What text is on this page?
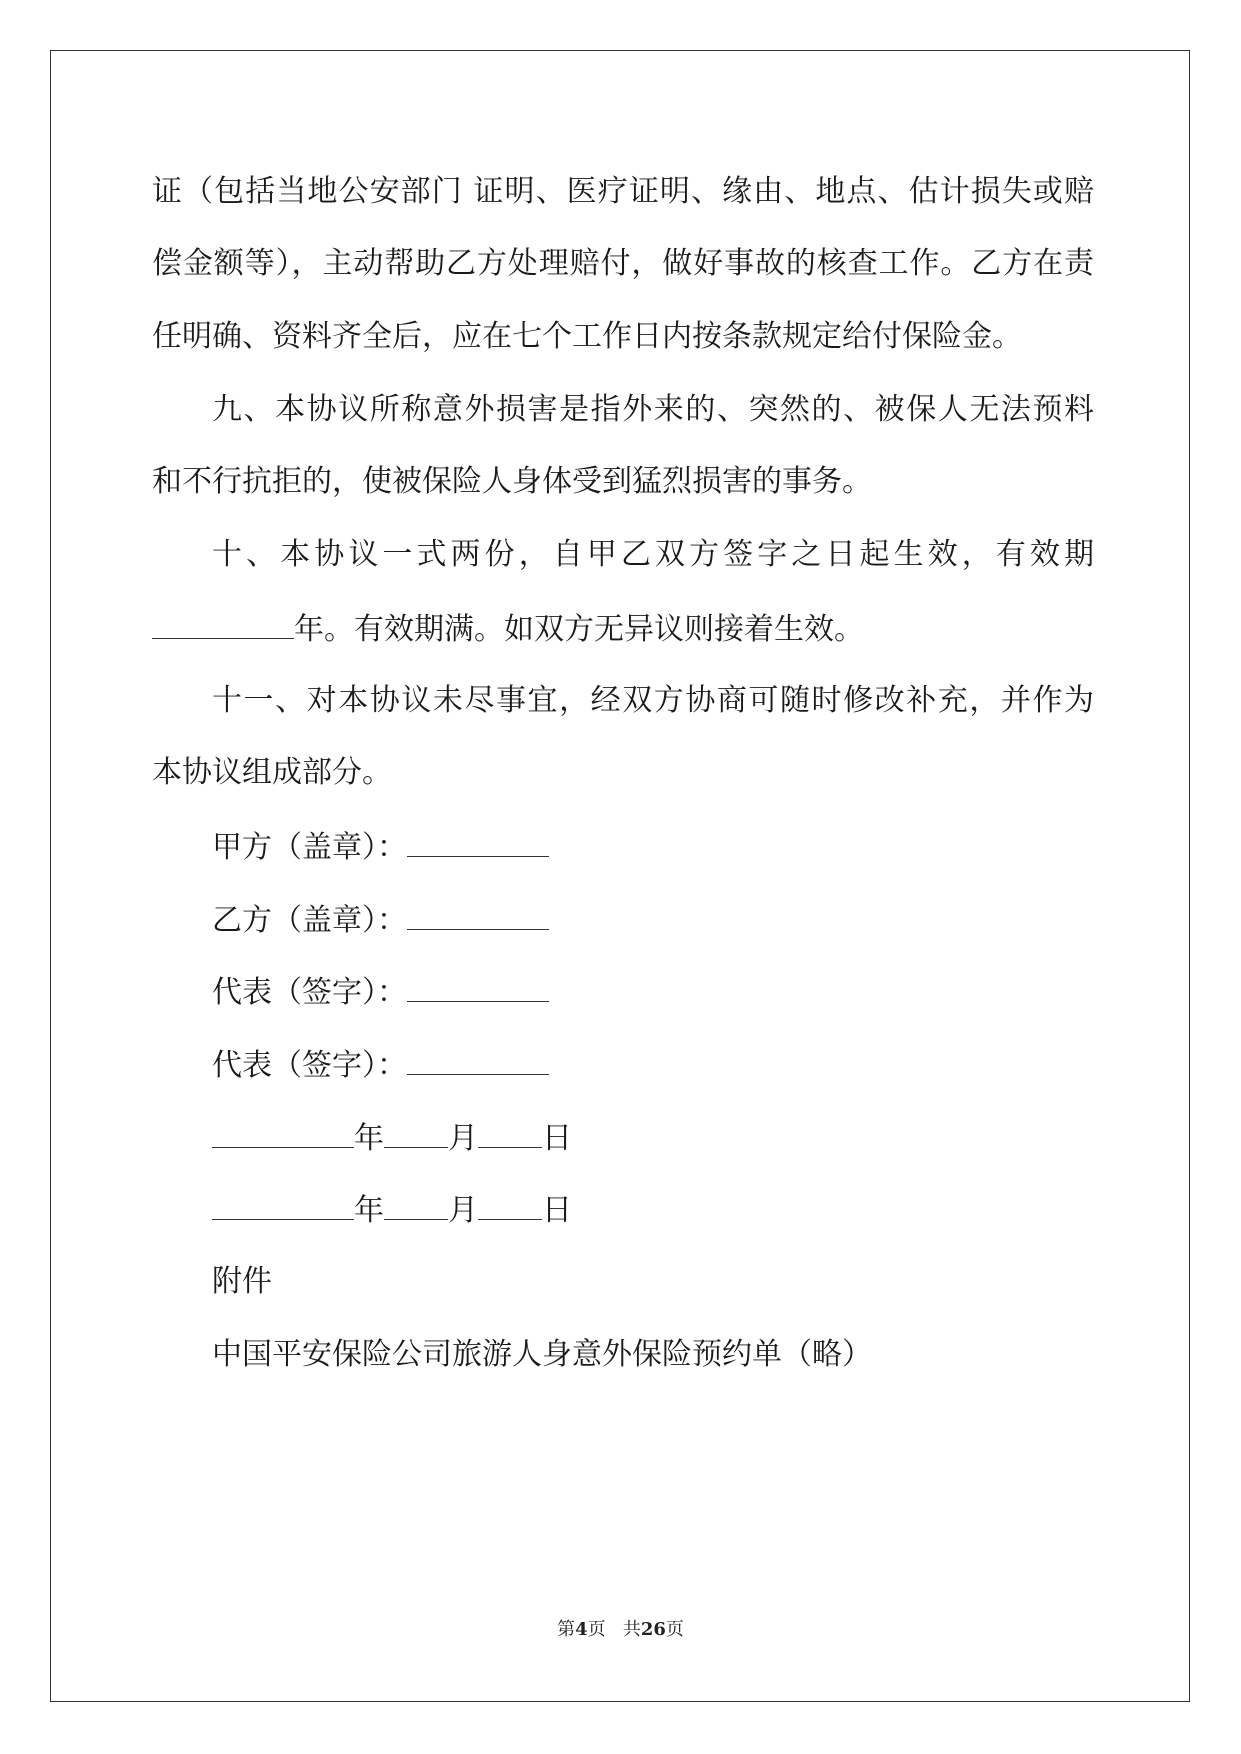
证（包括当地公安部门 证明、医疗证明、缘由、地点、估计损失或赔
偿金额等），主动帮助乙方处理赔付，做好事故的核查工作。乙方在责
任明确、资料齐全后，应在七个工作日内按条款规定给付保险金。
九、本协议所称意外损害是指外来的、突然的、被保人无法预料
和不行抗拒的，使被保险人身体受到猛烈损害的事务。
十、本协议一式两份，自甲乙双方签字之日起生效，有效期
年。有效期满。如双方无异议则接着生效。
十一、对本协议未尽事宜，经双方协商可随时修改补充，并作为
本协议组成部分。
甲方（盖章）：
乙方（盖章）：
代表（签字）：
代表（签字）：
年 月 日
年 月 日
附件
中国平安保险公司旅游人身意外保险预约单（略）
第4页 共26页
